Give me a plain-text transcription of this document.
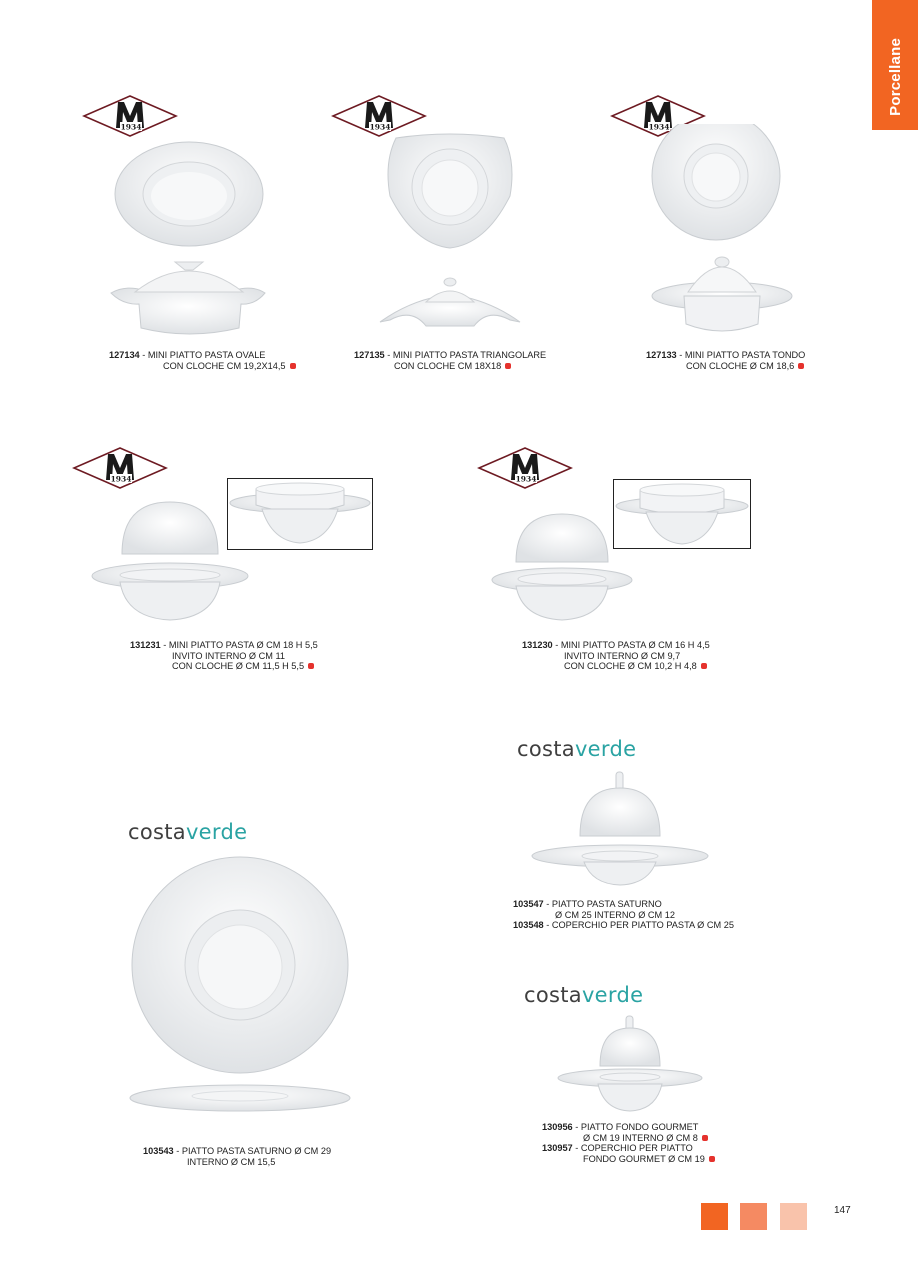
Porcellane
1934	1934	1934
1934	1934
costaverde
costaverde
costaverde
127134 - MINI PIATTO PASTA OVALE
CON CLOCHE CM 19,2X14,5
127135 - MINI PIATTO PASTA TRIANGOLARE
CON CLOCHE CM 18X18
127133 - MINI PIATTO PASTA TONDO
CON CLOCHE Ø CM 18,6
131231 - MINI PIATTO PASTA Ø CM 18 H 5,5
INVITO INTERNO Ø CM 11
CON CLOCHE Ø CM 11,5 H 5,5
131230 - MINI PIATTO PASTA Ø CM 16 H 4,5
INVITO INTERNO Ø CM 9,7
CON CLOCHE Ø CM 10,2 H 4,8
103547 - PIATTO PASTA SATURNO
Ø CM 25 INTERNO Ø CM 12
103548 - COPERCHIO PER PIATTO PASTA Ø CM 25
103543 - PIATTO PASTA SATURNO Ø CM 29
INTERNO Ø CM 15,5
130956 - PIATTO FONDO GOURMET
Ø CM 19 INTERNO Ø CM 8
130957 - COPERCHIO PER PIATTO
FONDO GOURMET Ø CM 19
147
